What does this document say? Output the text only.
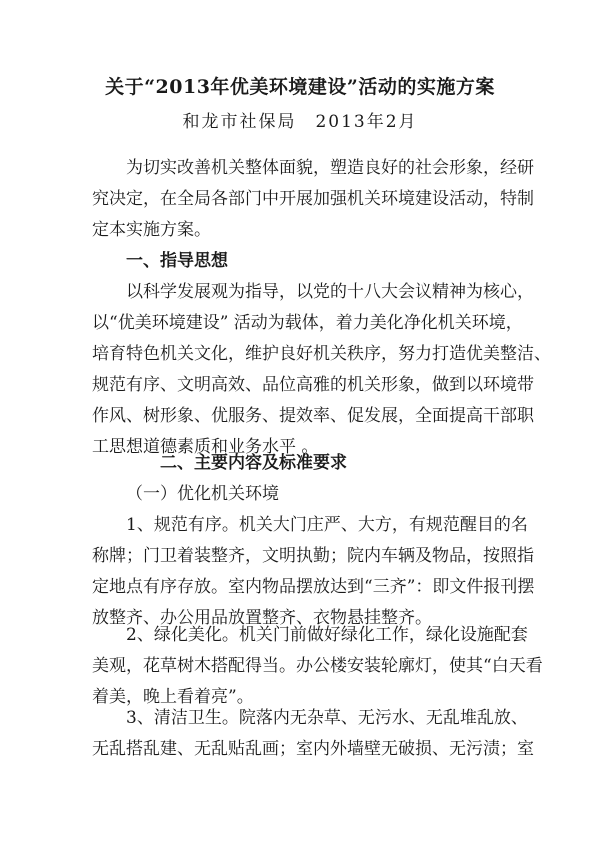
关于“2013年优美环境建设”活动的实施方案
和龙市社保局　2013年2月
为切实改善机关整体面貌，塑造良好的社会形象，经研
究决定，在全局各部门中开展加强机关环境建设活动，特制
定本实施方案。
一、指导思想
以科学发展观为指导，以党的十八大会议精神为核心，
以“优美环境建设” 活动为载体，着力美化净化机关环境，
培育特色机关文化，维护良好机关秩序，努力打造优美整洁、
规范有序、文明高效、品位高雅的机关形象，做到以环境带
作风、树形象、优服务、提效率、促发展，全面提高干部职
工思想道德素质和业务水平 。
二、主要内容及标准要求
（一）优化机关环境
1、规范有序。机关大门庄严、大方，有规范醒目的名
称牌；门卫着装整齐，文明执勤；院内车辆及物品，按照指
定地点有序存放。室内物品摆放达到“三齐”：即文件报刊摆
放整齐、办公用品放置整齐、衣物悬挂整齐。
2、绿化美化。机关门前做好绿化工作，绿化设施配套
美观，花草树木搭配得当。办公楼安装轮廓灯，使其“白天看
着美，晚上看着亮”。
3、清洁卫生。院落内无杂草、无污水、无乱堆乱放、
无乱搭乱建、无乱贴乱画；室内外墙壁无破损、无污渍；室
